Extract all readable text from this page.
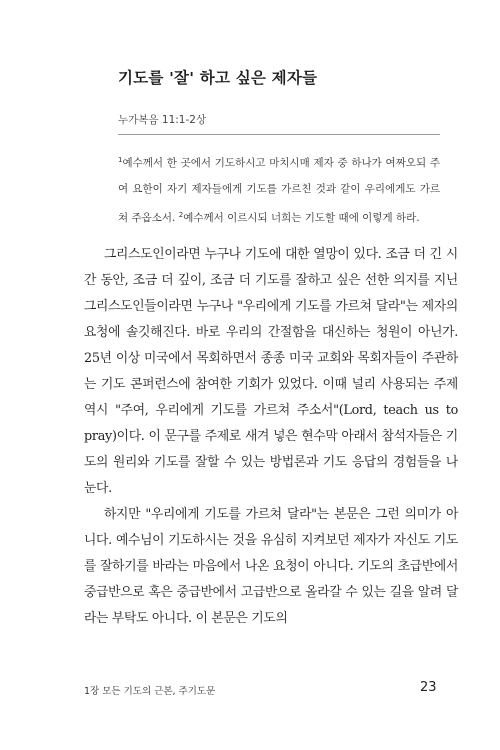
기도를 '잘' 하고 싶은 제자들
누가복음 11:1-2상
$^1$예수께서 한 곳에서 기도하시고 마치시매 제자 중 하나가 여짜오되 주여 요한이 자기 제자들에게 기도를 가르친 것과 같이 우리에게도 가르쳐 주옵소서. $^2$예수께서 이르시되 너희는 기도할 때에 이렇게 하라.

그리스도인이라면 누구나 기도에 대한 열망이 있다. 조금 더 긴 시간 동안, 조금 더 깊이, 조금 더 기도를 잘하고 싶은 선한 의지를 지닌 그리스도인들이라면 누구나 "우리에게 기도를 가르쳐 달라"는 제자의 요청에 솔깃해진다. 바로 우리의 간절함을 대신하는 청원이 아닌가. 25년 이상 미국에서 목회하면서 종종 미국 교회와 목회자들이 주관하는 기도 콘퍼런스에 참여한 기회가 있었다. 이때 널리 사용되는 주제 역시 "주여, 우리에게 기도를 가르쳐 주소서"(Lord, teach us to pray)이다. 이 문구를 주제로 새겨 넣은 현수막 아래서 참석자들은 기도의 원리와 기도를 잘할 수 있는 방법론과 기도 응답의 경험들을 나눈다.

하지만 "우리에게 기도를 가르쳐 달라"는 본문은 그런 의미가 아니다. 예수님이 기도하시는 것을 유심히 지켜보던 제자가 자신도 기도를 잘하기를 바라는 마음에서 나온 요청이 아니다. 기도의 초급반에서 중급반으로 혹은 중급반에서 고급반으로 올라갈 수 있는 길을 알려 달라는 부탁도 아니다. 이 본문은 기도의

1장 모든 기도의 근본, 주기도문	23
